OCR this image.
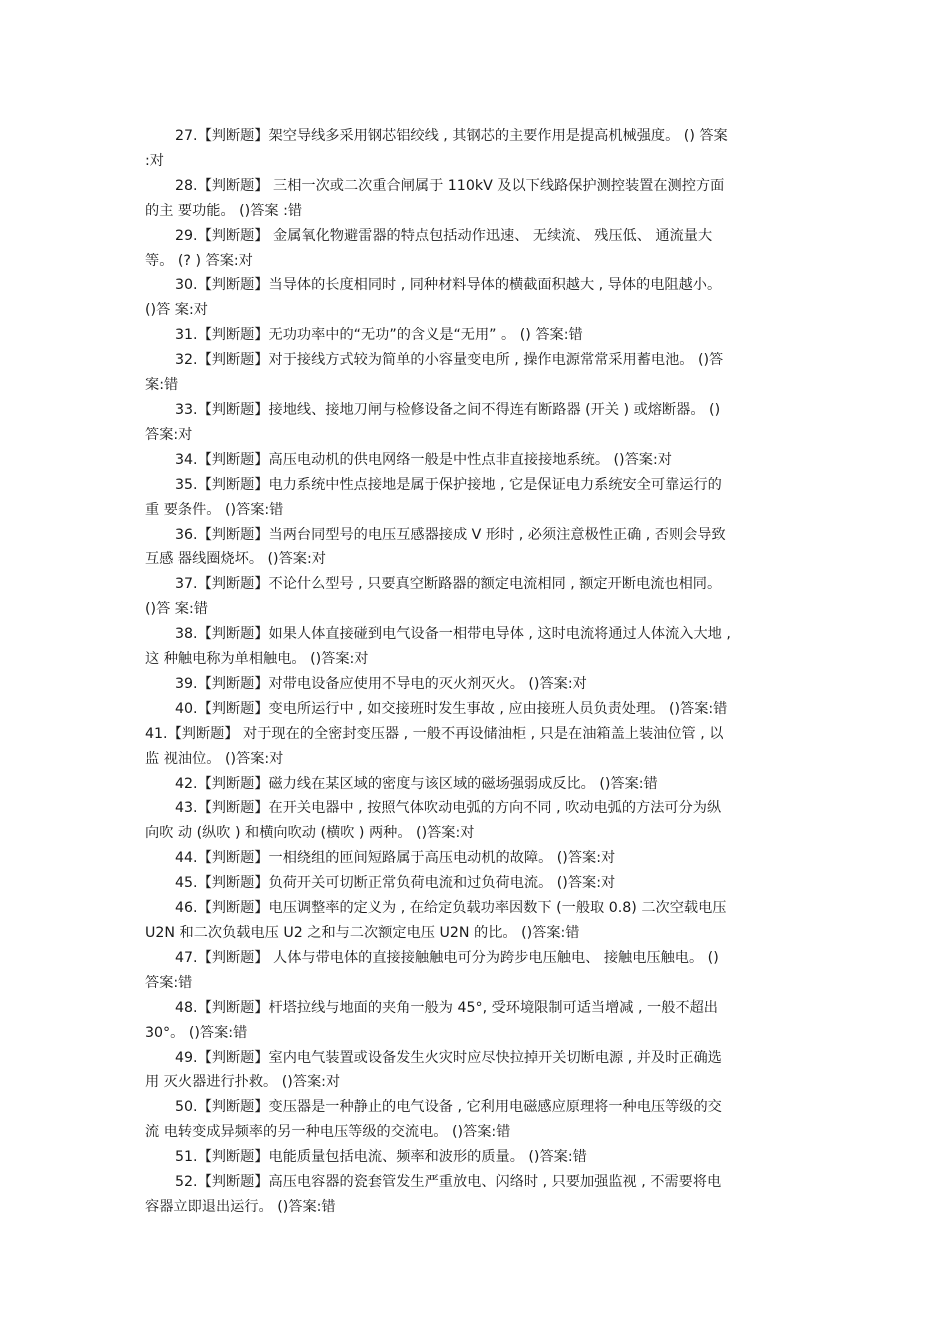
27.【判断题】架空导线多采用钢芯铝绞线 , 其钢芯的主要作用是提高机械强度。 () 答案
:对

28.【判断题】 三相一次或二次重合闸属于 110kV 及以下线路保护测控装置在测控方面
的主 要功能。 ()答案 :错

29.【判断题】 金属氧化物避雷器的特点包括动作迅速、 无续流、 残压低、 通流量大
等。 (? ) 答案:对

30.【判断题】当导体的长度相同时 , 同种材料导体的横截面积越大 , 导体的电阻越小。
()答 案:对

31.【判断题】无功功率中的“无功”的含义是“无用” 。 () 答案:错

32.【判断题】对于接线方式较为简单的小容量变电所 , 操作电源常常采用蓄电池。 ()答
案:错

33.【判断题】接地线、接地刀闸与检修设备之间不得连有断路器 (开关 ) 或熔断器。 ()
答案:对

34.【判断题】高压电动机的供电网络一般是中性点非直接接地系统。 ()答案:对

35.【判断题】电力系统中性点接地是属于保护接地 , 它是保证电力系统安全可靠运行的
重 要条件。 ()答案:错

36.【判断题】当两台同型号的电压互感器接成 V 形时 , 必须注意极性正确 , 否则会导致
互感 器线圈烧坏。 ()答案:对

37.【判断题】不论什么型号 , 只要真空断路器的额定电流相同 , 额定开断电流也相同。
()答 案:错

38.【判断题】如果人体直接碰到电气设备一相带电导体 , 这时电流将通过人体流入大地 ,
这 种触电称为单相触电。 ()答案:对

39.【判断题】对带电设备应使用不导电的灭火剂灭火。 ()答案:对

40.【判断题】变电所运行中 , 如交接班时发生事故 , 应由接班人员负责处理。 ()答案:错

41.【判断题】 对于现在的全密封变压器 , 一般不再设储油柜 , 只是在油箱盖上装油位管 , 以
监 视油位。 ()答案:对

42.【判断题】磁力线在某区域的密度与该区域的磁场强弱成反比。 ()答案:错

43.【判断题】在开关电器中 , 按照气体吹动电弧的方向不同 , 吹动电弧的方法可分为纵
向吹 动 (纵吹 ) 和横向吹动 (横吹 ) 两种。 ()答案:对

44.【判断题】一相绕组的匝间短路属于高压电动机的故障。 ()答案:对

45.【判断题】负荷开关可切断正常负荷电流和过负荷电流。 ()答案:对

46.【判断题】电压调整率的定义为 , 在给定负载功率因数下 (一般取 0.8) 二次空载电压
U2N 和二次负载电压 U2 之和与二次额定电压 U2N 的比。 ()答案:错

47.【判断题】 人体与带电体的直接接触触电可分为跨步电压触电、 接触电压触电。 ()
答案:错

48.【判断题】杆塔拉线与地面的夹角一般为 45°, 受环境限制可适当增减 , 一般不超出
30°。 ()答案:错

49.【判断题】室内电气装置或设备发生火灾时应尽快拉掉开关切断电源 , 并及时正确选
用 灭火器进行扑救。 ()答案:对

50.【判断题】变压器是一种静止的电气设备 , 它利用电磁感应原理将一种电压等级的交
流 电转变成异频率的另一种电压等级的交流电。 ()答案:错

51.【判断题】电能质量包括电流、频率和波形的质量。 ()答案:错

52.【判断题】高压电容器的瓷套管发生严重放电、闪络时 , 只要加强监视 , 不需要将电
容器立即退出运行。 ()答案:错
